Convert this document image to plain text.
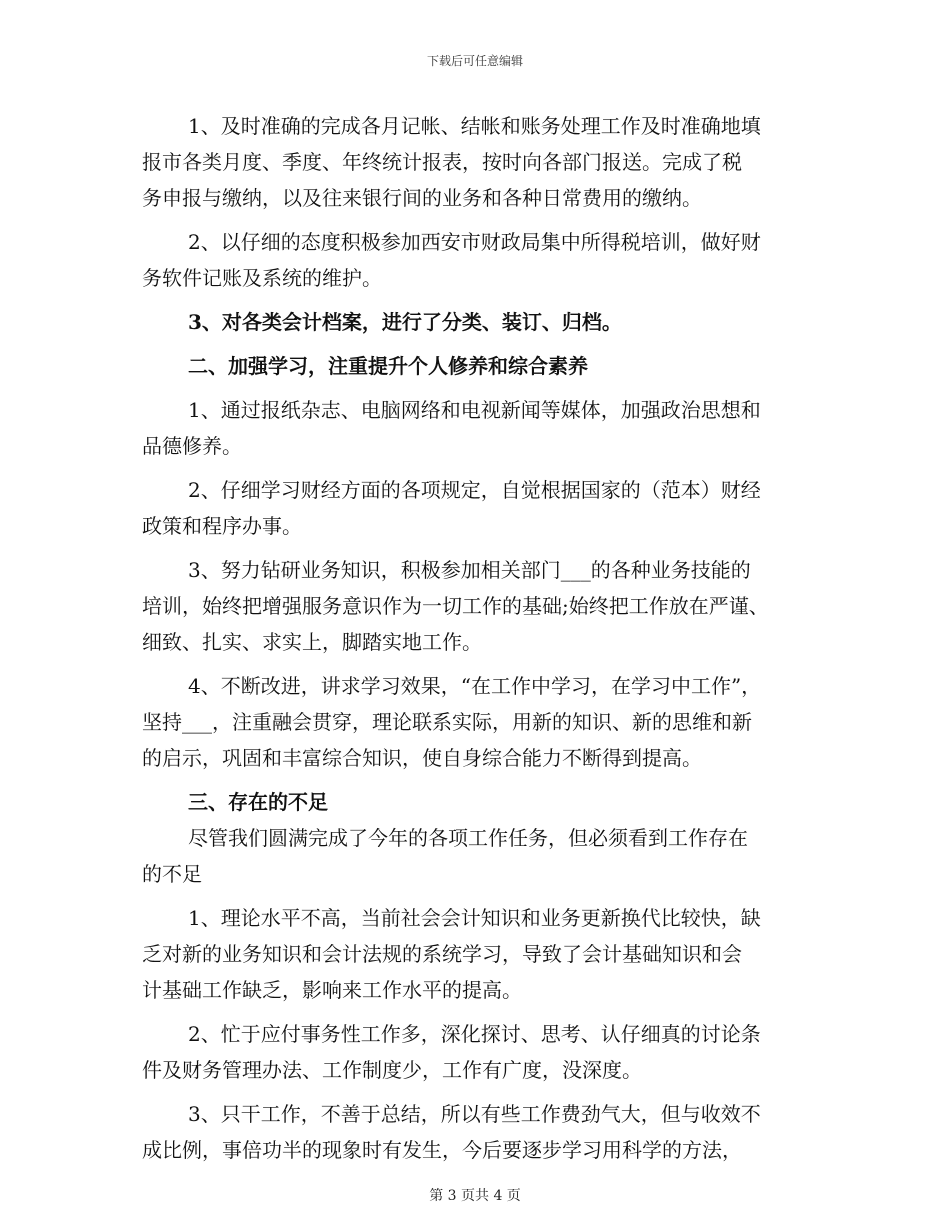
下载后可任意编辑
1、及时准确的完成各月记帐、结帐和账务处理工作及时准确地填
报市各类月度、季度、年终统计报表，按时向各部门报送。完成了税
务申报与缴纳，以及往来银行间的业务和各种日常费用的缴纳。
2、以仔细的态度积极参加西安市财政局集中所得税培训，做好财
务软件记账及系统的维护。
3、对各类会计档案，进行了分类、装订、归档。
二、加强学习，注重提升个人修养和综合素养
1、通过报纸杂志、电脑网络和电视新闻等媒体，加强政治思想和
品德修养。
2、仔细学习财经方面的各项规定，自觉根据国家的（范本）财经
政策和程序办事。
3、努力钻研业务知识，积极参加相关部门___的各种业务技能的
培训，始终把增强服务意识作为一切工作的基础;始终把工作放在严谨、
细致、扎实、求实上，脚踏实地工作。
4、不断改进，讲求学习效果，“在工作中学习，在学习中工作”，
坚持___，注重融会贯穿，理论联系实际，用新的知识、新的思维和新
的启示，巩固和丰富综合知识，使自身综合能力不断得到提高。
三、存在的不足
尽管我们圆满完成了今年的各项工作任务，但必须看到工作存在
的不足
1、理论水平不高，当前社会会计知识和业务更新换代比较快，缺
乏对新的业务知识和会计法规的系统学习，导致了会计基础知识和会
计基础工作缺乏，影响来工作水平的提高。
2、忙于应付事务性工作多，深化探讨、思考、认仔细真的讨论条
件及财务管理办法、工作制度少，工作有广度，没深度。
3、只干工作，不善于总结，所以有些工作费劲气大，但与收效不
成比例，事倍功半的现象时有发生，今后要逐步学习用科学的方法，
第 3 页共 4 页
